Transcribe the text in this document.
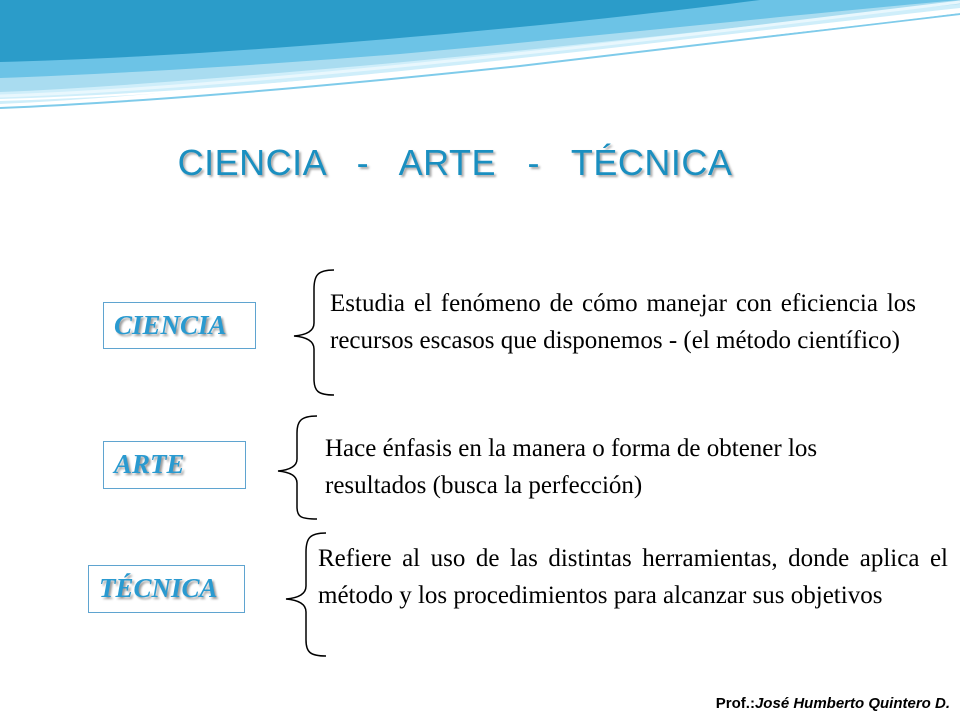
CIENCIA   -   ARTE   -   TÉCNICA
CIENCIA
Estudia el fenómeno de cómo manejar con eficiencia los recursos escasos que disponemos - (el método científico)
ARTE
Hace énfasis en la manera o forma de obtener los resultados (busca la perfección)
TÉCNICA
Refiere al uso de las distintas herramientas, donde aplica el método y los procedimientos para alcanzar sus objetivos
Prof.:José Humberto Quintero D.
